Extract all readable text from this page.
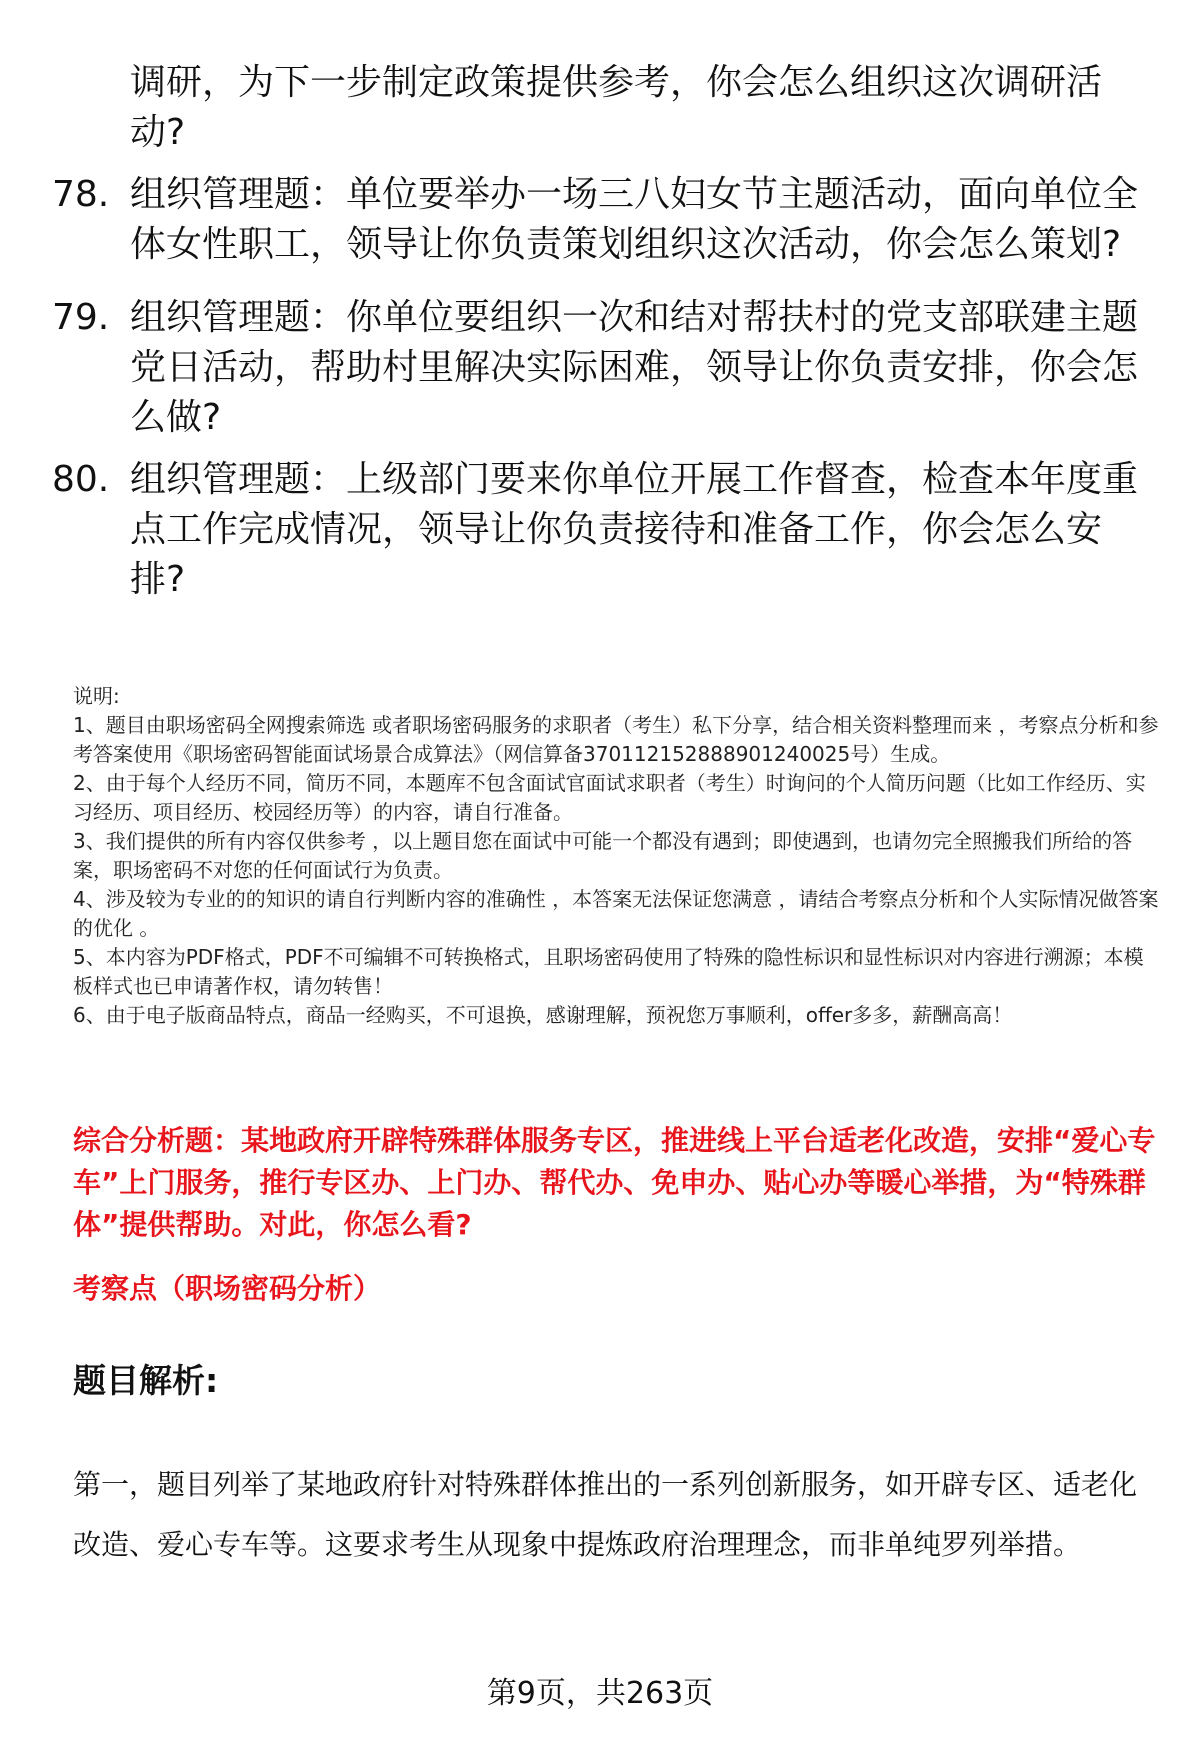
调研，为下一步制定政策提供参考，你会怎么组织这次调研活动?
78. 组织管理题：单位要举办一场三八妇女节主题活动，面向单位全体女性职工，领导让你负责策划组织这次活动，你会怎么策划?
79. 组织管理题：你单位要组织一次和结对帮扶村的党支部联建主题党日活动，帮助村里解决实际困难，领导让你负责安排，你会怎么做?
80. 组织管理题：上级部门要来你单位开展工作督查，检查本年度重点工作完成情况，领导让你负责接待和准备工作，你会怎么安排?

说明:

1、题目由职场密码全网搜索筛选 或者职场密码服务的求职者（考生）私下分享，结合相关资料整理而来 ，考察点分析和参考答案使用《职场密码智能面试场景合成算法》（网信算备370112152888901240025号）生成。

2、由于每个人经历不同，简历不同，本题库不包含面试官面试求职者（考生）时询问的个人简历问题（比如工作经历、实习经历、项目经历、校园经历等）的内容，请自行准备。

3、我们提供的所有内容仅供参考 ，以上题目您在面试中可能一个都没有遇到；即使遇到，也请勿完全照搬我们所给的答案，职场密码不对您的任何面试行为负责。

4、涉及较为专业的的知识的请自行判断内容的准确性 ，本答案无法保证您满意 ，请结合考察点分析和个人实际情况做答案的优化 。

5、本内容为PDF格式，PDF不可编辑不可转换格式，且职场密码使用了特殊的隐性标识和显性标识对内容进行溯源；本模板样式也已申请著作权，请勿转售！

6、由于电子版商品特点，商品一经购买，不可退换，感谢理解，预祝您万事顺利，offer多多，薪酬高高！

综合分析题：某地政府开辟特殊群体服务专区，推进线上平台适老化改造，安排“爱心专车”上门服务，推行专区办、上门办、帮代办、免申办、贴心办等暖心举措，为“特殊群体”提供帮助。对此，你怎么看?
考察点（职场密码分析）
题目解析:
第一，题目列举了某地政府针对特殊群体推出的一系列创新服务，如开辟专区、适老化改造、爱心专车等。这要求考生从现象中提炼政府治理理念，而非单纯罗列举措。
第9页，共263页
